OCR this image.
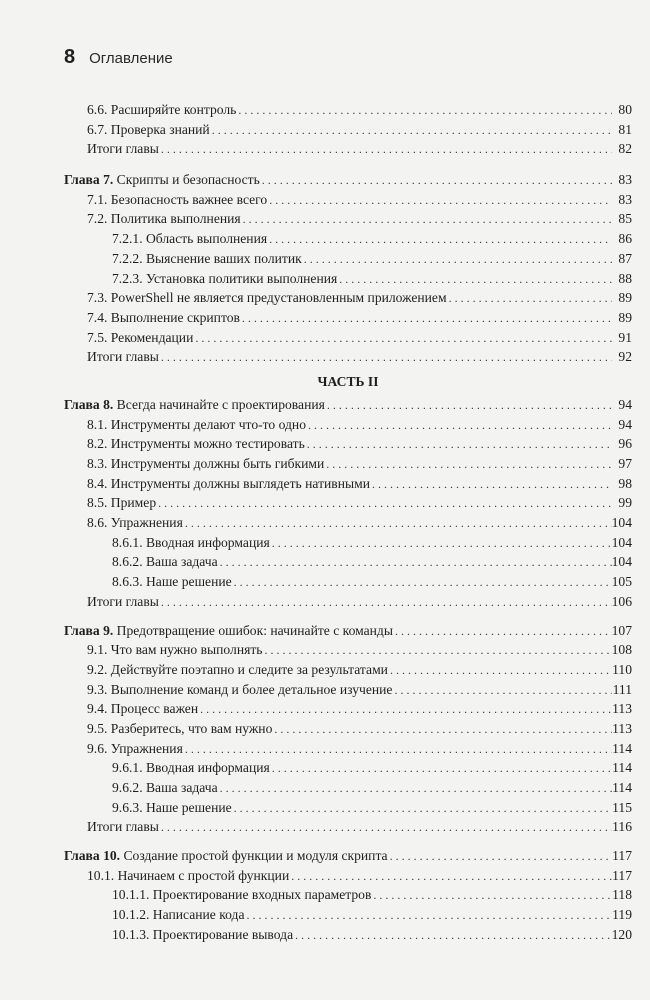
8 Оглавление
6.6. Расширяйте контроль . . .	80
6.7. Проверка знаний . . .	81
Итоги главы . . .	82
Глава 7. Скрипты и безопасность . . .	83
7.1. Безопасность важнее всего . . .	83
7.2. Политика выполнения . . .	85
7.2.1. Область выполнения . . .	86
7.2.2. Выяснение ваших политик . . .	87
7.2.3. Установка политики выполнения . . .	88
7.3. PowerShell не является предустановленным приложением . . .	89
7.4. Выполнение скриптов . . .	89
7.5. Рекомендации . . .	91
Итоги главы . . .	92
ЧАСТЬ II
Глава 8. Всегда начинайте с проектирования . . .	94
8.1. Инструменты делают что-то одно . . .	94
8.2. Инструменты можно тестировать . . .	96
8.3. Инструменты должны быть гибкими . . .	97
8.4. Инструменты должны выглядеть нативными . . .	98
8.5. Пример . . .	99
8.6. Упражнения . . .	104
8.6.1. Вводная информация . . .	104
8.6.2. Ваша задача . . .	104
8.6.3. Наше решение . . .	105
Итоги главы . . .	106
Глава 9. Предотвращение ошибок: начинайте с команды . . .	107
9.1. Что вам нужно выполнять . . .	108
9.2. Действуйте поэтапно и следите за результатами . . .	110
9.3. Выполнение команд и более детальное изучение . . .	111
9.4. Процесс важен . . .	113
9.5. Разберитесь, что вам нужно . . .	113
9.6. Упражнения . . .	114
9.6.1. Вводная информация . . .	114
9.6.2. Ваша задача . . .	114
9.6.3. Наше решение . . .	115
Итоги главы . . .	116
Глава 10. Создание простой функции и модуля скрипта . . .	117
10.1. Начинаем с простой функции . . .	117
10.1.1. Проектирование входных параметров . . .	118
10.1.2. Написание кода . . .	119
10.1.3. Проектирование вывода . . .	120
